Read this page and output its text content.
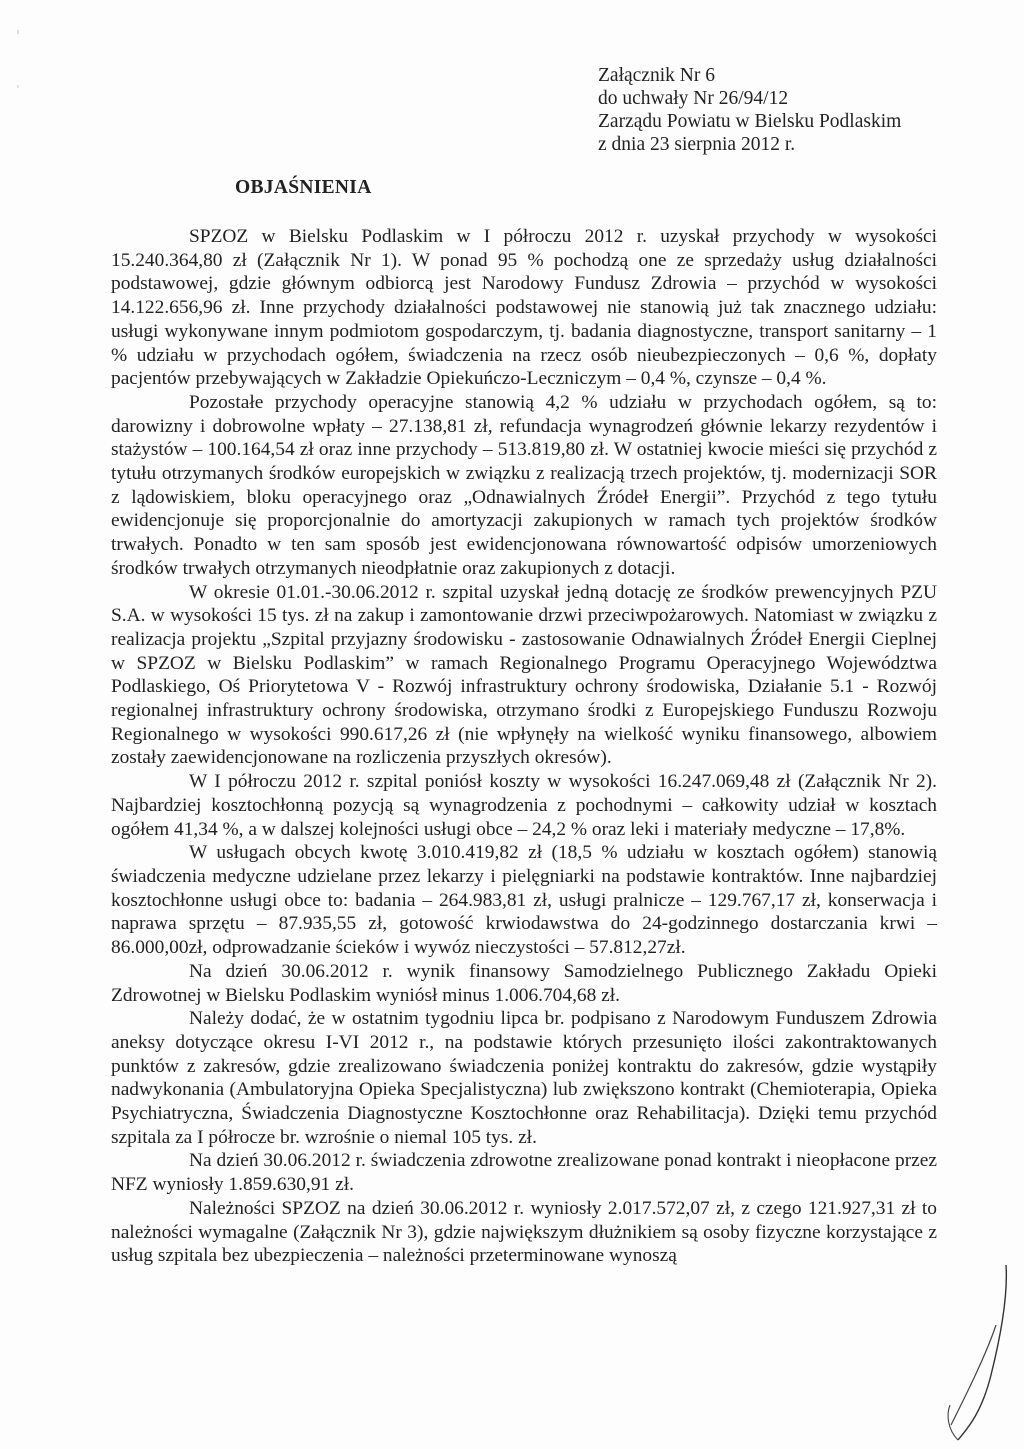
Załącznik Nr 6
do uchwały Nr 26/94/12
Zarządu Powiatu w Bielsku Podlaskim
z dnia 23 sierpnia 2012 r.
OBJAŚNIENIA

SPZOZ w Bielsku Podlaskim w I półroczu 2012 r. uzyskał przychody w wysokości 15.240.364,80 zł (Załącznik Nr 1). W ponad 95 % pochodzą one ze sprzedaży usług działalności podstawowej, gdzie głównym odbiorcą jest Narodowy Fundusz Zdrowia – przychód w wysokości 14.122.656,96 zł. Inne przychody działalności podstawowej nie stanowią już tak znacznego udziału: usługi wykonywane innym podmiotom gospodarczym, tj. badania diagnostyczne, transport sanitarny – 1 % udziału w przychodach ogółem, świadczenia na rzecz osób nieubezpieczonych – 0,6 %, dopłaty pacjentów przebywających w Zakładzie Opiekuńczo-Leczniczym – 0,4 %, czynsze – 0,4 %.

Pozostałe przychody operacyjne stanowią 4,2 % udziału w przychodach ogółem, są to: darowizny i dobrowolne wpłaty – 27.138,81 zł, refundacja wynagrodzeń głównie lekarzy rezydentów i stażystów – 100.164,54 zł oraz inne przychody – 513.819,80 zł. W ostatniej kwocie mieści się przychód z tytułu otrzymanych środków europejskich w związku z realizacją trzech projektów, tj. modernizacji SOR z lądowiskiem, bloku operacyjnego oraz „Odnawialnych Źródeł Energii”. Przychód z tego tytułu ewidencjonuje się proporcjonalnie do amortyzacji zakupionych w ramach tych projektów środków trwałych. Ponadto w ten sam sposób jest ewidencjonowana równowartość odpisów umorzeniowych środków trwałych otrzymanych nieodpłatnie oraz zakupionych z dotacji.

W okresie 01.01.-30.06.2012 r. szpital uzyskał jedną dotację ze środków prewencyjnych PZU S.A. w wysokości 15 tys. zł na zakup i zamontowanie drzwi przeciwpożarowych. Natomiast w związku z realizacja projektu „Szpital przyjazny środowisku - zastosowanie Odnawialnych Źródeł Energii Cieplnej w SPZOZ w Bielsku Podlaskim” w ramach Regionalnego Programu Operacyjnego Województwa Podlaskiego, Oś Priorytetowa V - Rozwój infrastruktury ochrony środowiska, Działanie 5.1 - Rozwój regionalnej infrastruktury ochrony środowiska, otrzymano środki z Europejskiego Funduszu Rozwoju Regionalnego w wysokości 990.617,26 zł (nie wpłynęły na wielkość wyniku finansowego, albowiem zostały zaewidencjonowane na rozliczenia przyszłych okresów).

W I półroczu 2012 r. szpital poniósł koszty w wysokości 16.247.069,48 zł (Załącznik Nr 2). Najbardziej kosztochłonną pozycją są wynagrodzenia z pochodnymi – całkowity udział w kosztach ogółem 41,34 %, a w dalszej kolejności usługi obce – 24,2 % oraz leki i materiały medyczne – 17,8%.

W usługach obcych kwotę 3.010.419,82 zł (18,5 % udziału w kosztach ogółem) stanowią świadczenia medyczne udzielane przez lekarzy i pielęgniarki na podstawie kontraktów. Inne najbardziej kosztochłonne usługi obce to: badania – 264.983,81 zł, usługi pralnicze – 129.767,17 zł, konserwacja i naprawa sprzętu – 87.935,55 zł, gotowość krwiodawstwa do 24-godzinnego dostarczania krwi – 86.000,00zł, odprowadzanie ścieków i wywóz nieczystości – 57.812,27zł.

Na dzień 30.06.2012 r. wynik finansowy Samodzielnego Publicznego Zakładu Opieki Zdrowotnej w Bielsku Podlaskim wyniósł minus 1.006.704,68 zł.

Należy dodać, że w ostatnim tygodniu lipca br. podpisano z Narodowym Funduszem Zdrowia aneksy dotyczące okresu I-VI 2012 r., na podstawie których przesunięto ilości zakontraktowanych punktów z zakresów, gdzie zrealizowano świadczenia poniżej kontraktu do zakresów, gdzie wystąpiły nadwykonania (Ambulatoryjna Opieka Specjalistyczna) lub zwiększono kontrakt (Chemioterapia, Opieka Psychiatryczna, Świadczenia Diagnostyczne Kosztochłonne oraz Rehabilitacja). Dzięki temu przychód szpitala za I półrocze br. wzrośnie o niemal 105 tys. zł.

Na dzień 30.06.2012 r. świadczenia zdrowotne zrealizowane ponad kontrakt i nieopłacone przez NFZ wyniosły 1.859.630,91 zł.

Należności SPZOZ na dzień 30.06.2012 r. wyniosły 2.017.572,07 zł, z czego 121.927,31 zł to należności wymagalne (Załącznik Nr 3), gdzie największym dłużnikiem są osoby fizyczne korzystające z usług szpitala bez ubezpieczenia – należności przeterminowane wynoszą
